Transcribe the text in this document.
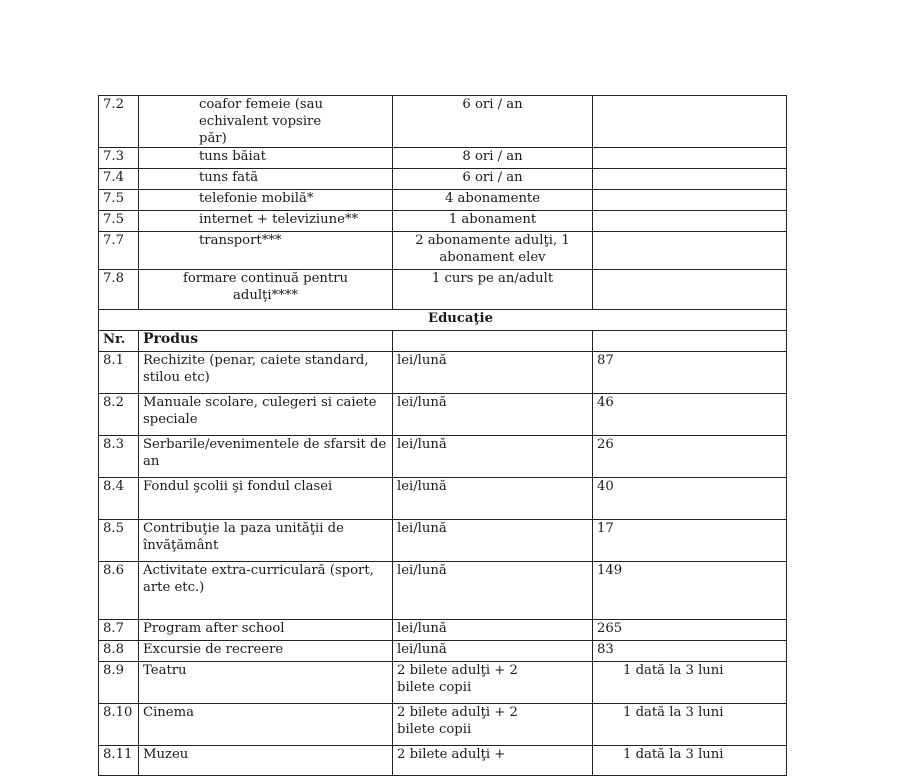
7.2	coafor femeie (sau echivalent vopsire păr)	6 ori / an	
7.3	tuns băiat	8 ori / an	
7.4	tuns fată	6 ori / an	
7.5	telefonie mobilă*	4 abonamente	
7.5	internet + televiziune**	1 abonament	
7.7	transport***	2 abonamente adulţi, 1 abonament elev	
7.8	formare continuă pentru adulţi****	1 curs pe an/adult	
Educaţie			
Nr.	Produs		
8.1	Rechizite (penar, caiete standard, stilou etc)	lei/lună	87
8.2	Manuale scolare, culegeri si caiete speciale	lei/lună	46
8.3	Serbarile/evenimentele de sfarsit de an	lei/lună	26
8.4	Fondul şcolii şi fondul clasei	lei/lună	40
8.5	Contribuţie la paza unităţii de învăţământ	lei/lună	17
8.6	Activitate extra-curriculară (sport, arte etc.)	lei/lună	149
8.7	Program after school	lei/lună	265
8.8	Excursie de recreere	lei/lună	83
8.9	Teatru	2 bilete adulţi + 2 bilete copii	1 dată la 3 luni
8.10	Cinema	2 bilete adulţi + 2 bilete copii	1 dată la 3 luni
8.11	Muzeu	2 bilete adulţi +	1 dată la 3 luni
